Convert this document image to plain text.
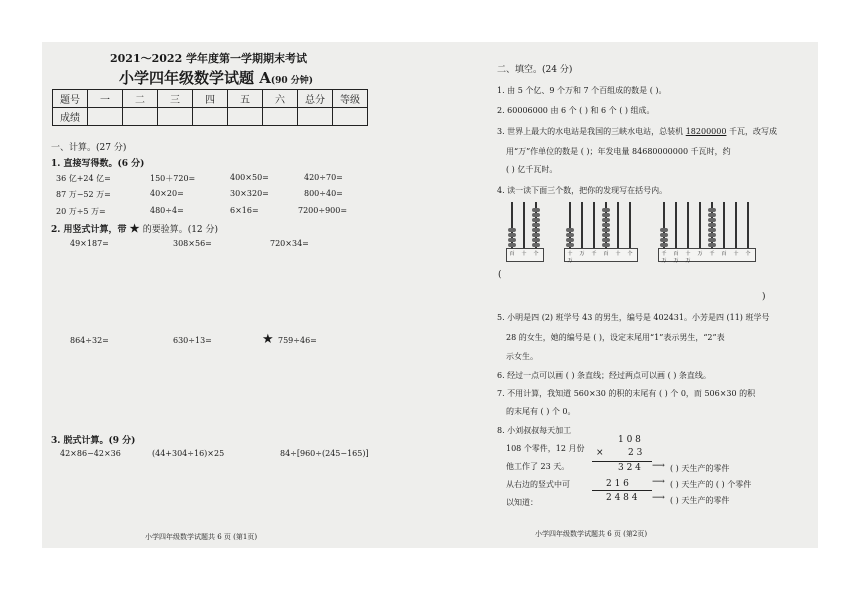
2021～2022 学年度第一学期期末考试
小学四年级数学试题 A(90 分钟)
题号	一	二	三	四	五	六	总分	等级
成绩								
一、计算。(27 分)
1. 直接写得数。(6 分)
36 亿+24 亿=	150＋720=	400×50=	420÷70=
87 万−52 万=	40×20=	30×320=	800÷40=
20 万÷5 万=	480÷4=	6×16=	7200÷900=
2. 用竖式计算，带 ★ 的要验算。(12 分)
49×187=	308×56=	720×34=
864÷32=	630÷13=	★ 759÷46=
3. 脱式计算。(9 分)
42×86−42×36	(44+304÷16)×25	84÷[960÷(245−165)]
小学四年级数学试题共 6 页 (第1页)
二、填空。(24 分)
1. 由 5 个亿、9 个万和 7 个百组成的数是 ( )。
2. 60006000 由 6 个 ( ) 和 6 个 ( ) 组成。
3. 世界上最大的水电站是我国的三峡水电站，总装机 18200000 千瓦，改写成
用“万”作单位的数是 ( )；年发电量 84680000000 千瓦时，约
( ) 亿千瓦时。
4. 读一读下面三个数，把你的发现写在括号内。
百	十	个	十万
万	千	百	十	个	千万
百万
十万
万	千	百	十	个
(
)
5. 小明是四 (2) 班学号 43 的男生，编号是 402431。小芳是四 (11) 班学号
28 的女生，她的编号是 ( )，设定末尾用“1”表示男生，“2”表
示女生。
6. 经过一点可以画 ( ) 条直线；经过两点可以画 ( ) 条直线。
7. 不用计算，我知道 560×30 的积的末尾有 ( ) 个 0，而 506×30 的积
的末尾有 ( ) 个 0。
8. 小刘叔叔每天加工
108 个零件，12 月份
他工作了 23 天。
从右边的竖式中可
以知道：
1 0 8
×	2 3
3 2 4 ⟶ ( ) 天生产的零件
2 1 6	⟶ ( ) 天生产的 ( ) 个零件
2 4 8 4 ⟶ ( ) 天生产的零件
小学四年级数学试题共 6 页 (第2页)
